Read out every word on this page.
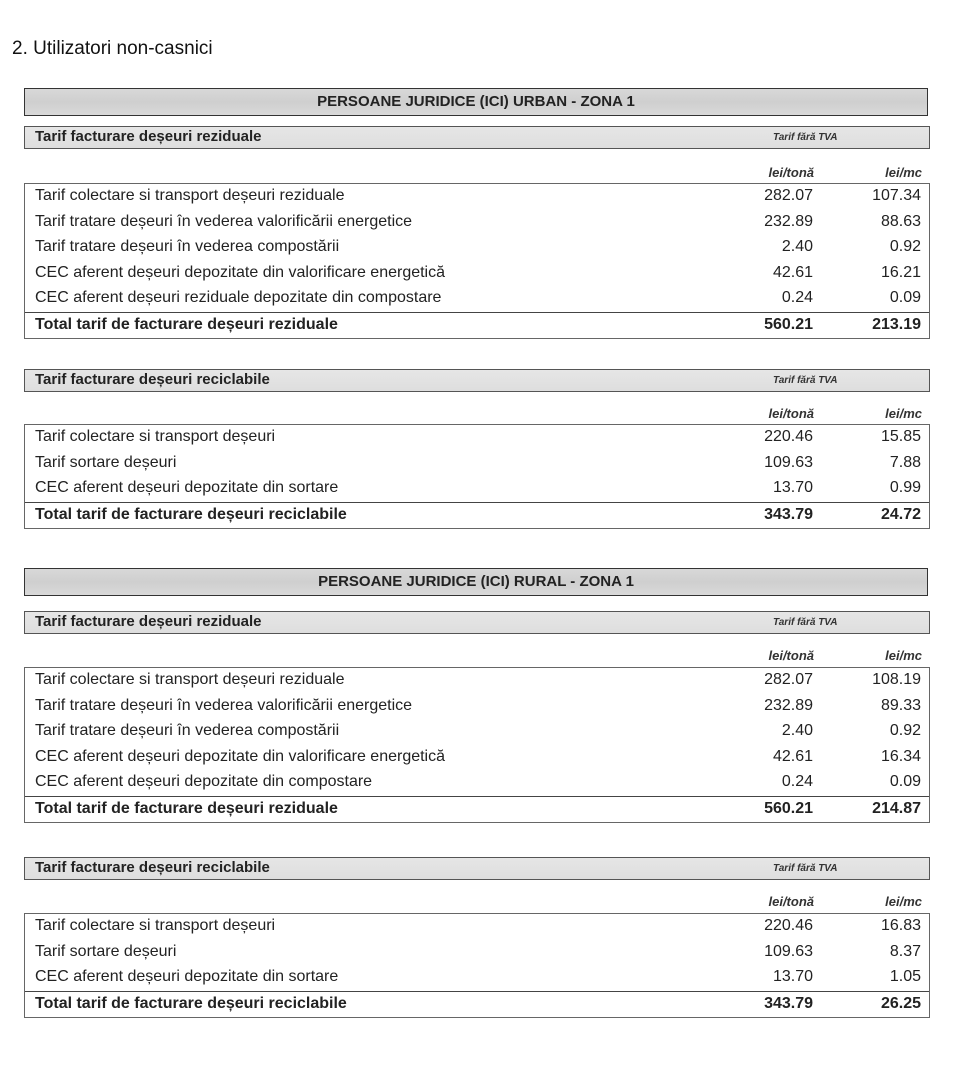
2. Utilizatori non-casnici
PERSOANE JURIDICE (ICI) URBAN - ZONA 1
Tarif facturare deșeuri reziduale	Tarif fără TVA
lei/tonă	lei/mc
Tarif colectare si transport deșeuri reziduale	282.07	107.34
Tarif tratare deșeuri în vederea valorificării energetice	232.89	88.63
Tarif tratare deșeuri în vederea compostării	2.40	0.92
CEC aferent deșeuri depozitate din valorificare energetică	42.61	16.21
CEC aferent deșeuri reziduale depozitate din compostare	0.24	0.09
Total tarif de facturare deșeuri reziduale	560.21	213.19
Tarif facturare deșeuri reciclabile	Tarif fără TVA
lei/tonă	lei/mc
Tarif colectare si transport deșeuri	220.46	15.85
Tarif sortare deșeuri	109.63	7.88
CEC aferent deșeuri depozitate din sortare	13.70	0.99
Total tarif de facturare deșeuri reciclabile	343.79	24.72
PERSOANE JURIDICE (ICI) RURAL - ZONA 1
Tarif facturare deșeuri reziduale	Tarif fără TVA
lei/tonă	lei/mc
Tarif colectare si transport deșeuri reziduale	282.07	108.19
Tarif tratare deșeuri în vederea valorificării energetice	232.89	89.33
Tarif tratare deșeuri în vederea compostării	2.40	0.92
CEC aferent deșeuri depozitate din valorificare energetică	42.61	16.34
CEC aferent deșeuri depozitate din compostare	0.24	0.09
Total tarif de facturare deșeuri reziduale	560.21	214.87
Tarif facturare deșeuri reciclabile	Tarif fără TVA
lei/tonă	lei/mc
Tarif colectare si transport deșeuri	220.46	16.83
Tarif sortare deșeuri	109.63	8.37
CEC aferent deșeuri depozitate din sortare	13.70	1.05
Total tarif de facturare deșeuri reciclabile	343.79	26.25
